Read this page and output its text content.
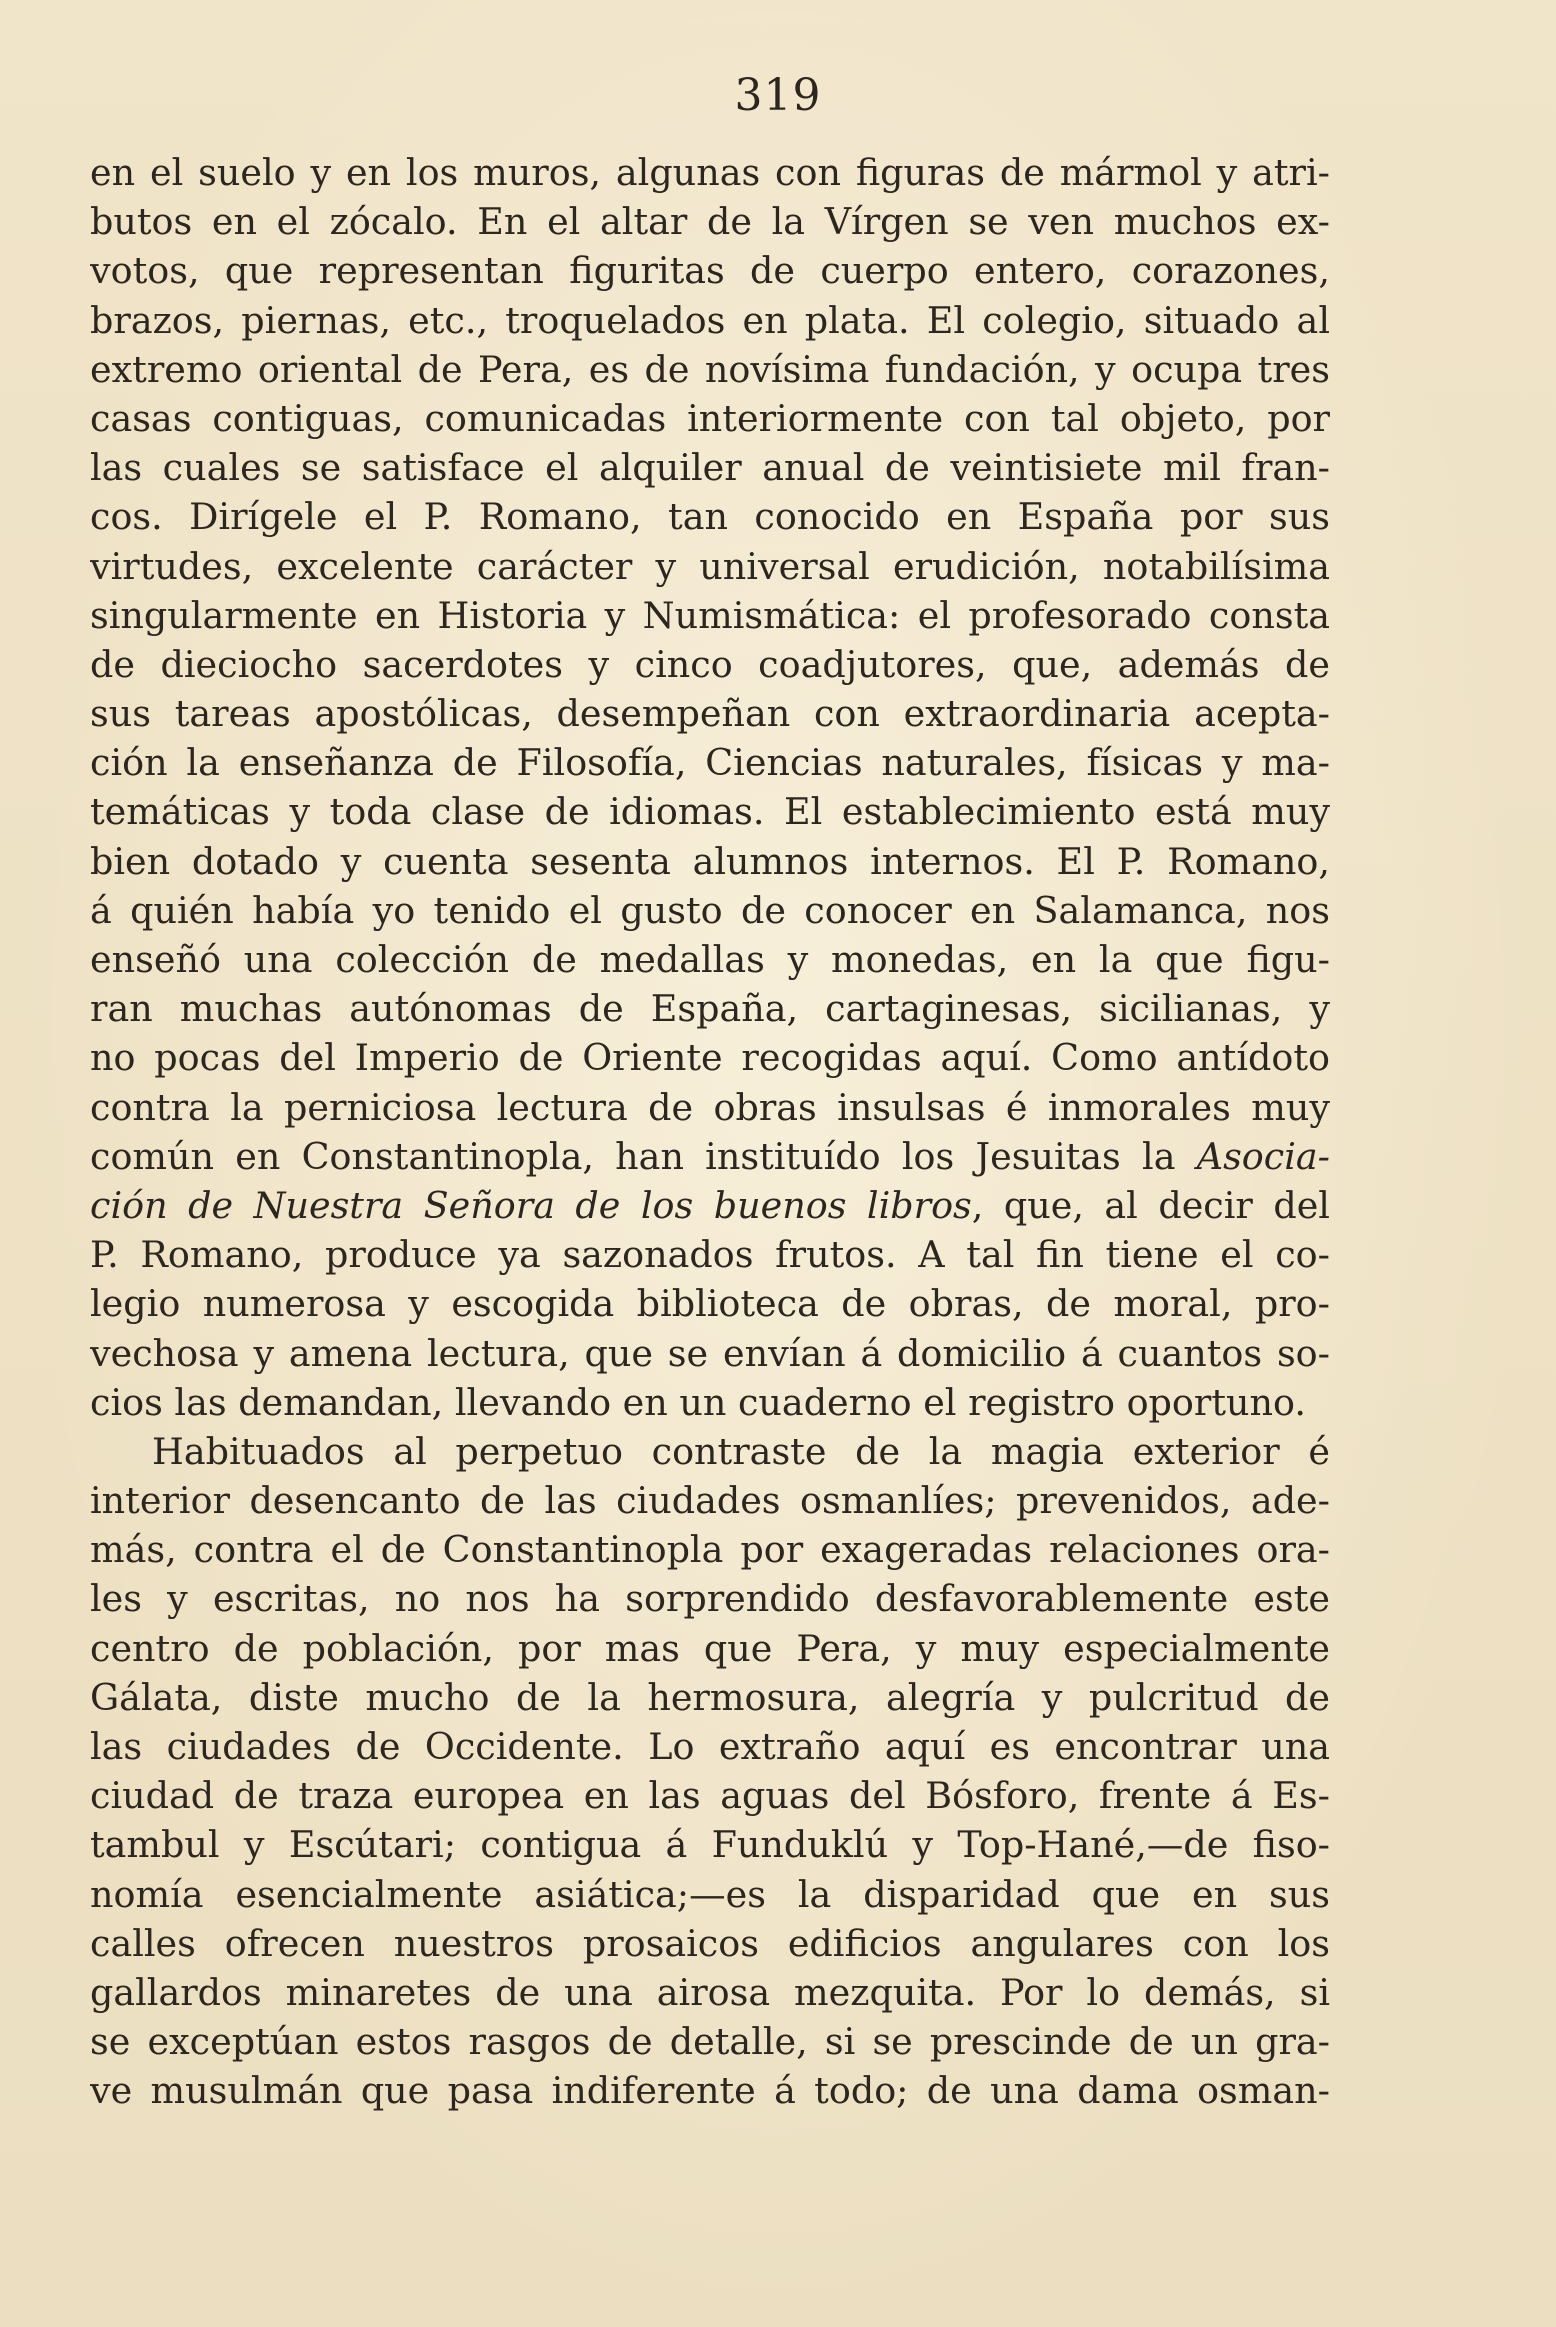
319
en el suelo y en los muros, algunas con figuras de mármol y atri-
butos en el zócalo. En el altar de la Vírgen se ven muchos ex-
votos, que representan figuritas de cuerpo entero, corazones,
brazos, piernas, etc., troquelados en plata. El colegio, situado al
extremo oriental de Pera, es de novísima fundación, y ocupa tres
casas contiguas, comunicadas interiormente con tal objeto, por
las cuales se satisface el alquiler anual de veintisiete mil fran-
cos. Dirígele el P. Romano, tan conocido en España por sus
virtudes, excelente carácter y universal erudición, notabilísima
singularmente en Historia y Numismática: el profesorado consta
de dieciocho sacerdotes y cinco coadjutores, que, además de
sus tareas apostólicas, desempeñan con extraordinaria acepta-
ción la enseñanza de Filosofía, Ciencias naturales, físicas y ma-
temáticas y toda clase de idiomas. El establecimiento está muy
bien dotado y cuenta sesenta alumnos internos. El P. Romano,
á quién había yo tenido el gusto de conocer en Salamanca, nos
enseñó una colección de medallas y monedas, en la que figu-
ran muchas autónomas de España, cartaginesas, sicilianas, y
no pocas del Imperio de Oriente recogidas aquí. Como antídoto
contra la perniciosa lectura de obras insulsas é inmorales muy
común en Constantinopla, han instituído los Jesuitas la Asocia-
ción de Nuestra Señora de los buenos libros, que, al decir del
P. Romano, produce ya sazonados frutos. A tal fin tiene el co-
legio numerosa y escogida biblioteca de obras, de moral, pro-
vechosa y amena lectura, que se envían á domicilio á cuantos so-
cios las demandan, llevando en un cuaderno el registro oportuno.
Habituados al perpetuo contraste de la magia exterior é
interior desencanto de las ciudades osmanlíes; prevenidos, ade-
más, contra el de Constantinopla por exageradas relaciones ora-
les y escritas, no nos ha sorprendido desfavorablemente este
centro de población, por mas que Pera, y muy especialmente
Gálata, diste mucho de la hermosura, alegría y pulcritud de
las ciudades de Occidente. Lo extraño aquí es encontrar una
ciudad de traza europea en las aguas del Bósforo, frente á Es-
tambul y Escútari; contigua á Funduklú y Top-Hané,—de fiso-
nomía esencialmente asiática;—es la disparidad que en sus
calles ofrecen nuestros prosaicos edificios angulares con los
gallardos minaretes de una airosa mezquita. Por lo demás, si
se exceptúan estos rasgos de detalle, si se prescinde de un gra-
ve musulmán que pasa indiferente á todo; de una dama osman-
